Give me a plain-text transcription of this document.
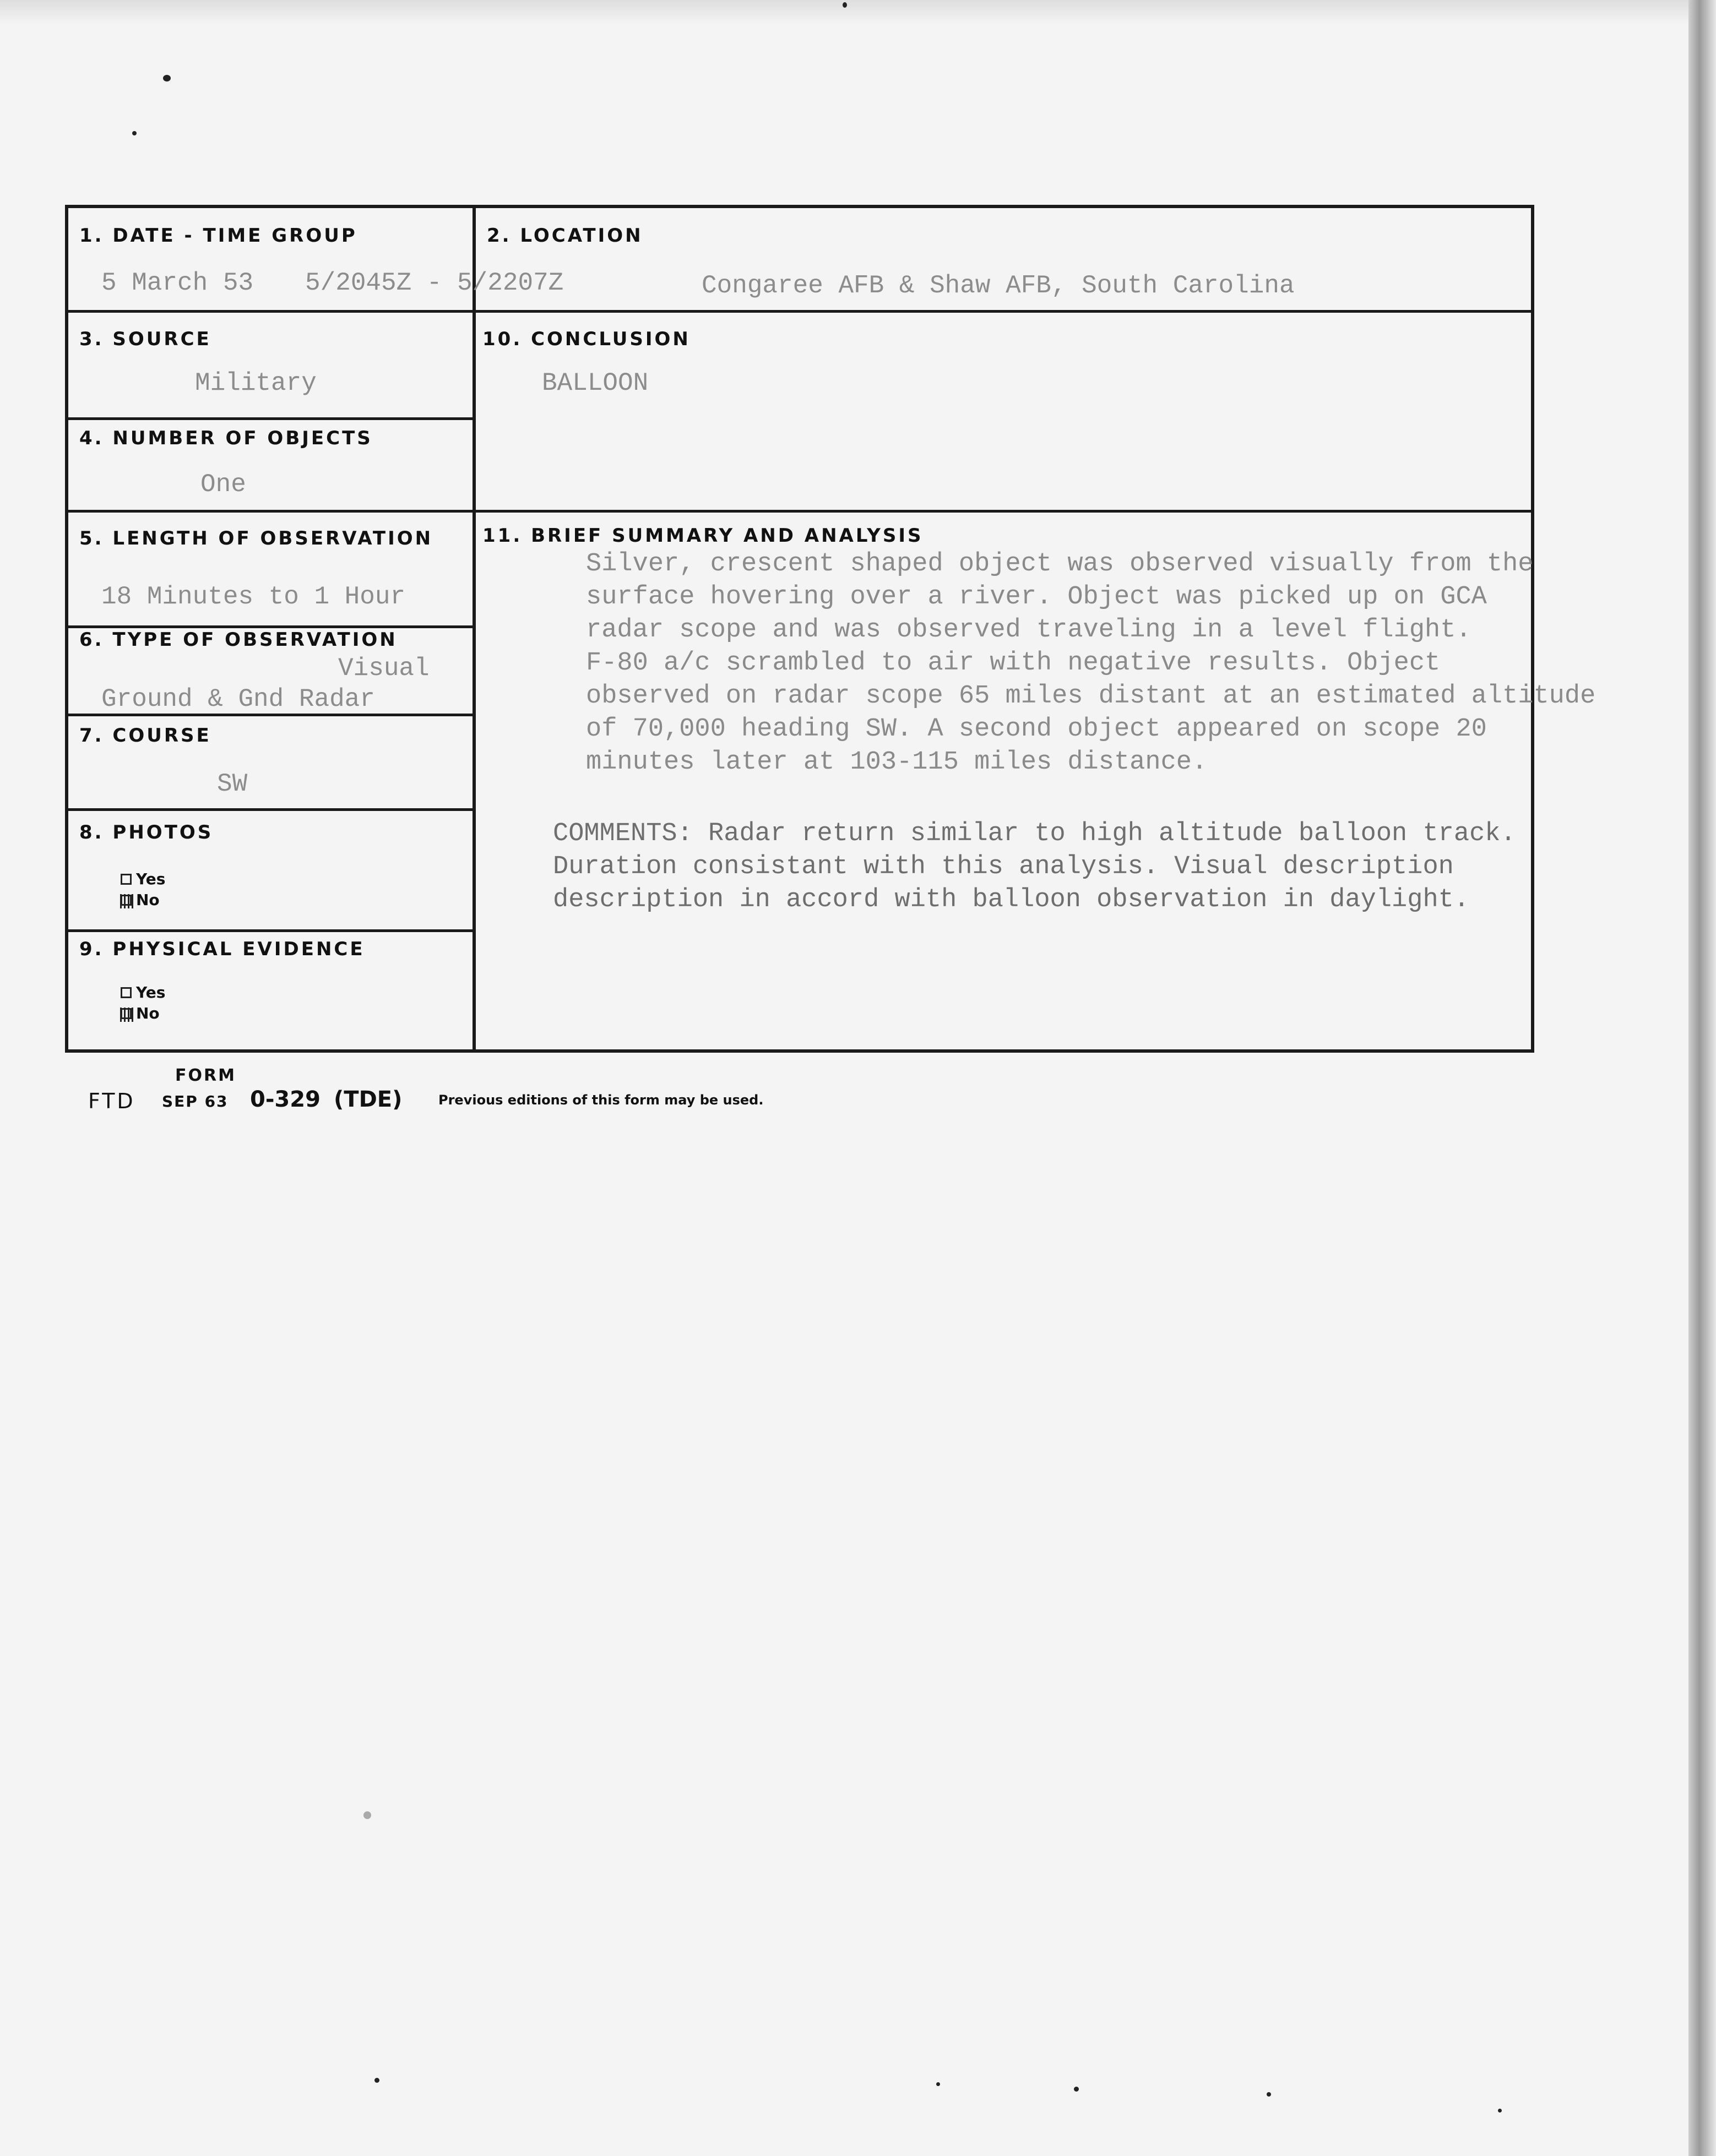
1. DATE - TIME GROUP
5 March 53 5/2045Z - 5/2207Z
2. LOCATION
Congaree AFB & Shaw AFB, South Carolina
3. SOURCE
Military
10. CONCLUSION
BALLOON
4. NUMBER OF OBJECTS
One
5. LENGTH OF OBSERVATION
18 Minutes to 1 Hour
6. TYPE OF OBSERVATION
Visual
Ground & Gnd Radar
7. COURSE
SW
8. PHOTOS
Yes
No
9. PHYSICAL EVIDENCE
Yes
No
11. BRIEF SUMMARY AND ANALYSIS
Silver, crescent shaped object was observed visually from the
surface hovering over a river. Object was picked up on GCA
radar scope and was observed traveling in a level flight.
F-80 a/c scrambled to air with negative results. Object
observed on radar scope 65 miles distant at an estimated altitude
of 70,000 heading SW. A second object appeared on scope 20
minutes later at 103-115 miles distance.
COMMENTS: Radar return similar to high altitude balloon track.
Duration consistant with this analysis. Visual description
description in accord with balloon observation in daylight.
FORM
FTD SEP 63 0-329 (TDE)	Previous editions of this form may be used.
